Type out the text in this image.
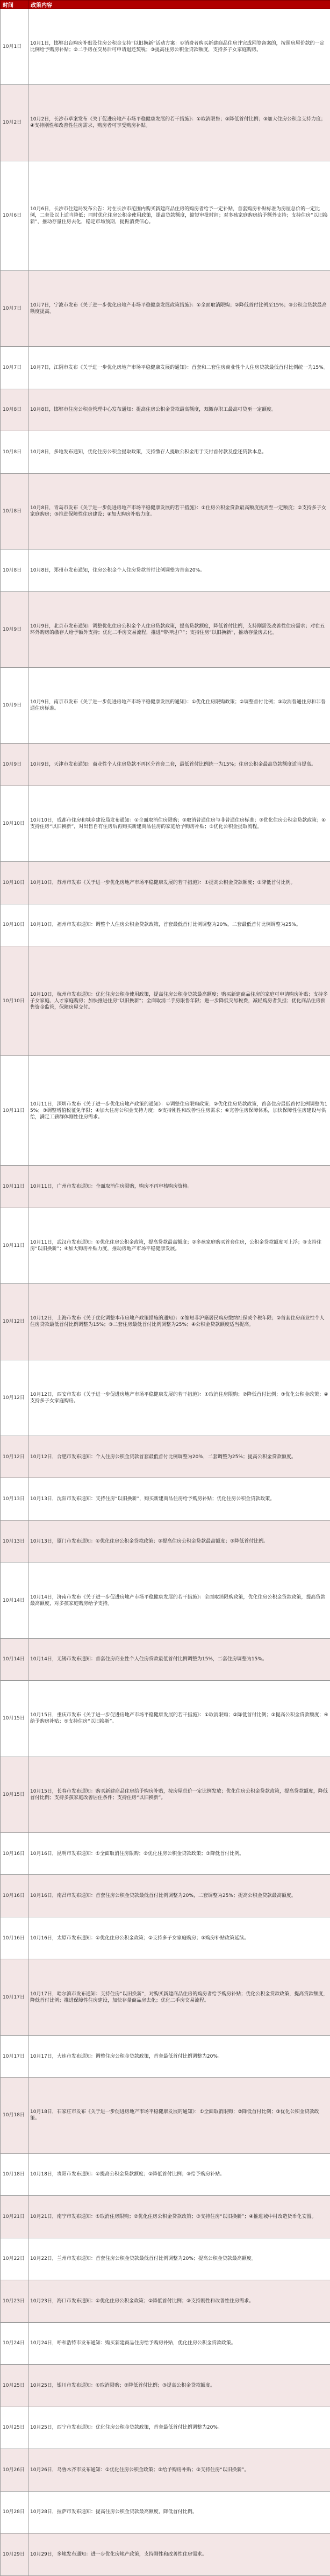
时间	政策内容
10月1日	10月1日，邯郸出台购房补贴及住房公积金支持“以旧换新”活动方案：①消费者购买新建商品住房并完成网签备案的，按照房屋价款的一定比例给予购房补贴；②二手房在交易后可申请退还契税；③提高住房公积金贷款额度，支持多子女家庭购房。
10月2日	10月2日，长沙市草案发布《关于促进房地产市场平稳健康发展的若干措施》：①取消限售；②降低首付比例；③加大住房公积金支持力度；④支持刚性和改善性住房需求，购房者可享受购房补贴。
10月6日	10月6日，长沙市住建局发布公告：对在长沙市范围内购买新建商品住房的购房者给予一定补贴，首套购房补贴标准为房屋总价的一定比例，二套及以上适当降低；同时优化住房公积金使用政策，提高贷款额度，缩短审批时间；对多孩家庭购房给予额外支持；支持住房“以旧换新”，推动存量住房去化，稳定市场预期，提振消费信心。
10月7日	10月7日，宁波市发布《关于进一步优化房地产市场平稳健康发展政策措施》：①全面取消限购；②降低首付比例至15%；③公积金贷款最高额度提高。
10月7日	10月7日，江阴市发布《关于进一步优化房地产市场平稳健康发展的通知》：首套和二套住房商业性个人住房贷款最低首付比例统一为15%。
10月8日	10月8日，邯郸市住房公积金管理中心发布通知：提高住房公积金贷款最高额度，双缴存职工最高可贷至一定额度。
10月8日	10月8日，多地发布通知，优化住房公积金提取政策，支持缴存人提取公积金用于支付首付款及偿还贷款本息。
10月8日	10月8日，青岛市发布《关于进一步促进房地产市场平稳健康发展的若干措施》：①住房公积金贷款最高额度提高至一定额度；②支持多子女家庭购房；③推进保障性住房建设；④加大购房补贴力度。
10月8日	10月8日，郑州市发布通知，住房公积金个人住房贷款首付比例调整为首套20%。
10月9日	10月9日，北京市发布通知：调整优化住房公积金个人住房贷款政策，提高贷款额度，降低首付比例，支持刚需及改善性住房需求；对在五环外购房的缴存人给予额外支持；优化二手房交易流程，推进“带押过户”；支持住房“以旧换新”，推动存量房去化。
10月9日	10月9日，南京市发布《关于进一步促进房地产市场平稳健康发展的通知》：①优化住房限购政策；②调整首付比例；③取消普通住房和非普通住房标准。
10月9日	10月9日，天津市发布通知：商业性个人住房贷款不再区分首套二套，最低首付比例统一为15%；住房公积金最高贷款额度适当提高。
10月10日	10月10日，成都市住房和城乡建设局发布通知：①全面取消住房限购；②取消普通住房与非普通住房标准；③优化住房公积金贷款政策；④支持住房“以旧换新”，对出售自有住房后再购买新建商品住房的家庭给予购房补贴；⑤优化公积金提取流程。
10月10日	10月10日，苏州市发布《关于进一步优化房地产市场平稳健康发展的若干措施》：①提高公积金贷款额度；②降低首付比例。
10月10日	10月10日，福州市发布通知：调整个人住房公积金贷款政策，首套最低首付比例调整为20%，二套最低首付比例调整为25%。
10月10日	10月10日，杭州市发布通知：优化住房公积金使用政策，提高住房公积金贷款最高额度；购买新建商品住房的家庭可申请购房补贴；支持多子女家庭、人才家庭购房；加快推进住房“以旧换新”；全面取消二手房限售年限；进一步降低交易税费，减轻购房者负担；优化商品住房预售资金监管，保障房屋交付。
10月11日	10月11日，深圳市发布《关于进一步优化房地产政策的通知》：①调整住房限购政策；②优化住房贷款政策，首套住房最低首付比例调整为15%；③调整增值税征免年限；④加大住房公积金支持力度；⑤支持刚性和改善性住房需求；⑥完善住房保障体系，加快保障性住房建设与供给，满足工薪群体刚性住房需求。
10月11日	10月11日，广州市发布通知：全面取消住房限购，购房不再审核购房资格。
10月11日	10月11日，武汉市发布通知：①优化住房公积金政策，提高贷款最高额度；②多孩家庭购买首套住房，公积金贷款额度可上浮；③支持住房“以旧换新”；④加大购房补贴力度，推动房地产市场平稳健康发展。
10月12日	10月12日，上海市发布《关于优化调整本市房地产政策措施的通知》：①缩短非沪籍居民购房缴纳社保或个税年限；②首套住房商业性个人住房贷款最低首付比例调整为15%；③二套住房最低首付比例调整为25%；④公积金贷款额度适当提高。
10月12日	10月12日，西安市发布《关于进一步促进房地产市场平稳健康发展的若干措施》：①取消住房限购；②降低首付比例；③优化公积金政策；④支持多子女家庭购房。
10月12日	10月12日，合肥市发布通知：个人住房公积金贷款首套最低首付比例调整为20%，二套调整为25%；提高公积金贷款额度。
10月13日	10月13日，沈阳市发布通知：支持住房“以旧换新”，购买新建商品住房给予购房补贴；优化住房公积金贷款政策。
10月13日	10月13日，厦门市发布通知：①优化住房公积金贷款政策；②提高住房公积金贷款最高额度；③降低首付比例。
10月14日	10月14日，济南市发布《关于进一步促进房地产市场平稳健康发展的若干措施》：全面取消限购政策，优化住房公积金贷款政策，提高贷款最高额度，对多孩家庭购房给予支持。
10月14日	10月14日，无锡市发布通知：首套住房商业性个人住房贷款最低首付比例调整为15%，二套住房调整为15%。
10月15日	10月15日，重庆市发布《关于进一步促进房地产市场平稳健康发展的若干措施》：①取消限购；②降低首付比例；③提高公积金贷款额度；④给予购房补贴；⑤支持住房“以旧换新”。
10月15日	10月15日，长春市发布通知：购买新建商品住房给予购房补贴，按房屋总价一定比例发放；优化住房公积金贷款政策，提高贷款额度，降低首付比例；支持多孩家庭改善居住条件；支持住房“以旧换新”。
10月16日	10月16日，昆明市发布通知：①全面取消住房限购；②优化住房公积金贷款政策；③降低首付比例。
10月16日	10月16日，南昌市发布通知：首套住房公积金贷款最低首付比例调整为20%，二套调整为25%；提高公积金贷款最高额度。
10月16日	10月16日，太原市发布通知：①优化住房公积金政策；②支持多子女家庭购房；③购房补贴政策延续。
10月17日	10月17日，哈尔滨市发布通知：支持住房“以旧换新”，对购买新建商品住房的购房者给予购房补贴；优化公积金贷款政策，提高贷款额度，降低首付比例；推进保障性住房建设，加快存量商品房去化；优化二手房交易流程。
10月17日	10月17日，大连市发布通知：调整住房公积金贷款政策，首套最低首付比例调整为20%。
10月18日	10月18日，石家庄市发布《关于进一步促进房地产市场平稳健康发展的通知》：①全面取消限购；②降低首付比例；③优化公积金贷款政策。
10月18日	10月18日，贵阳市发布通知：①提高公积金贷款额度；②降低首付比例；③给予购房补贴。
10月21日	10月21日，南宁市发布通知：①取消住房限购；②优化住房公积金贷款政策；③支持住房“以旧换新”；④推进城中村改造货币化安置。
10月22日	10月22日，兰州市发布通知：首套住房公积金贷款最低首付比例调整为20%；提高公积金贷款最高额度。
10月23日	10月23日，海口市发布通知：①优化住房公积金政策；②降低首付比例；③支持刚性和改善性住房需求。
10月24日	10月24日，呼和浩特市发布通知：购买新建商品住房给予购房补贴，优化住房公积金贷款政策。
10月25日	10月25日，银川市发布通知：①取消限购；②降低首付比例；③提高公积金贷款额度。
10月25日	10月25日，西宁市发布通知：优化住房公积金贷款政策，首套最低首付比例调整为20%。
10月26日	10月26日，乌鲁木齐市发布通知：①优化住房公积金政策；②给予购房补贴；③支持住房“以旧换新”。
10月28日	10月28日，拉萨市发布通知：提高住房公积金贷款最高额度，降低首付比例。
10月29日	10月29日，多地发布通知：进一步优化房地产政策，支持刚性和改善性住房需求。
